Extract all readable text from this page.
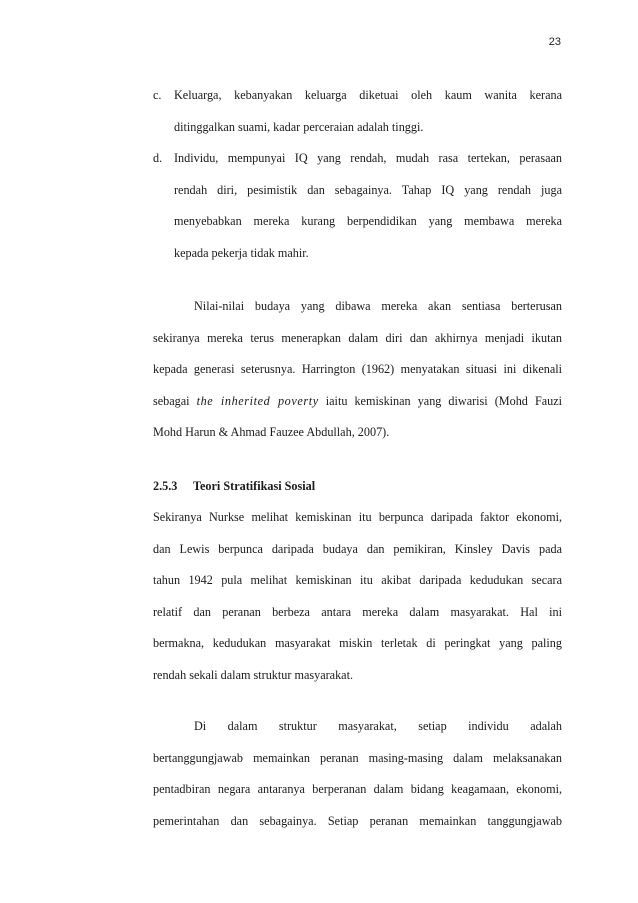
23
c. Keluarga, kebanyakan keluarga diketuai oleh kaum wanita kerana
ditinggalkan suami, kadar perceraian adalah tinggi.
d. Individu, mempunyai IQ yang rendah, mudah rasa tertekan, perasaan
rendah diri, pesimistik dan sebagainya. Tahap IQ yang rendah juga
menyebabkan mereka kurang berpendidikan yang membawa mereka
kepada pekerja tidak mahir.
Nilai-nilai budaya yang dibawa mereka akan sentiasa berterusan
sekiranya mereka terus menerapkan dalam diri dan akhirnya menjadi ikutan
kepada generasi seterusnya. Harrington (1962) menyatakan situasi ini dikenali
sebagai the inherited poverty iaitu kemiskinan yang diwarisi (Mohd Fauzi
Mohd Harun & Ahmad Fauzee Abdullah, 2007).
2.5.3 Teori Stratifikasi Sosial
Sekiranya Nurkse melihat kemiskinan itu berpunca daripada faktor ekonomi,
dan Lewis berpunca daripada budaya dan pemikiran, Kinsley Davis pada
tahun 1942 pula melihat kemiskinan itu akibat daripada kedudukan secara
relatif dan peranan berbeza antara mereka dalam masyarakat. Hal ini
bermakna, kedudukan masyarakat miskin terletak di peringkat yang paling
rendah sekali dalam struktur masyarakat.
Di dalam struktur masyarakat, setiap individu adalah
bertanggungjawab memainkan peranan masing-masing dalam melaksanakan
pentadbiran negara antaranya berperanan dalam bidang keagamaan, ekonomi,
pemerintahan dan sebagainya. Setiap peranan memainkan tanggungjawab
